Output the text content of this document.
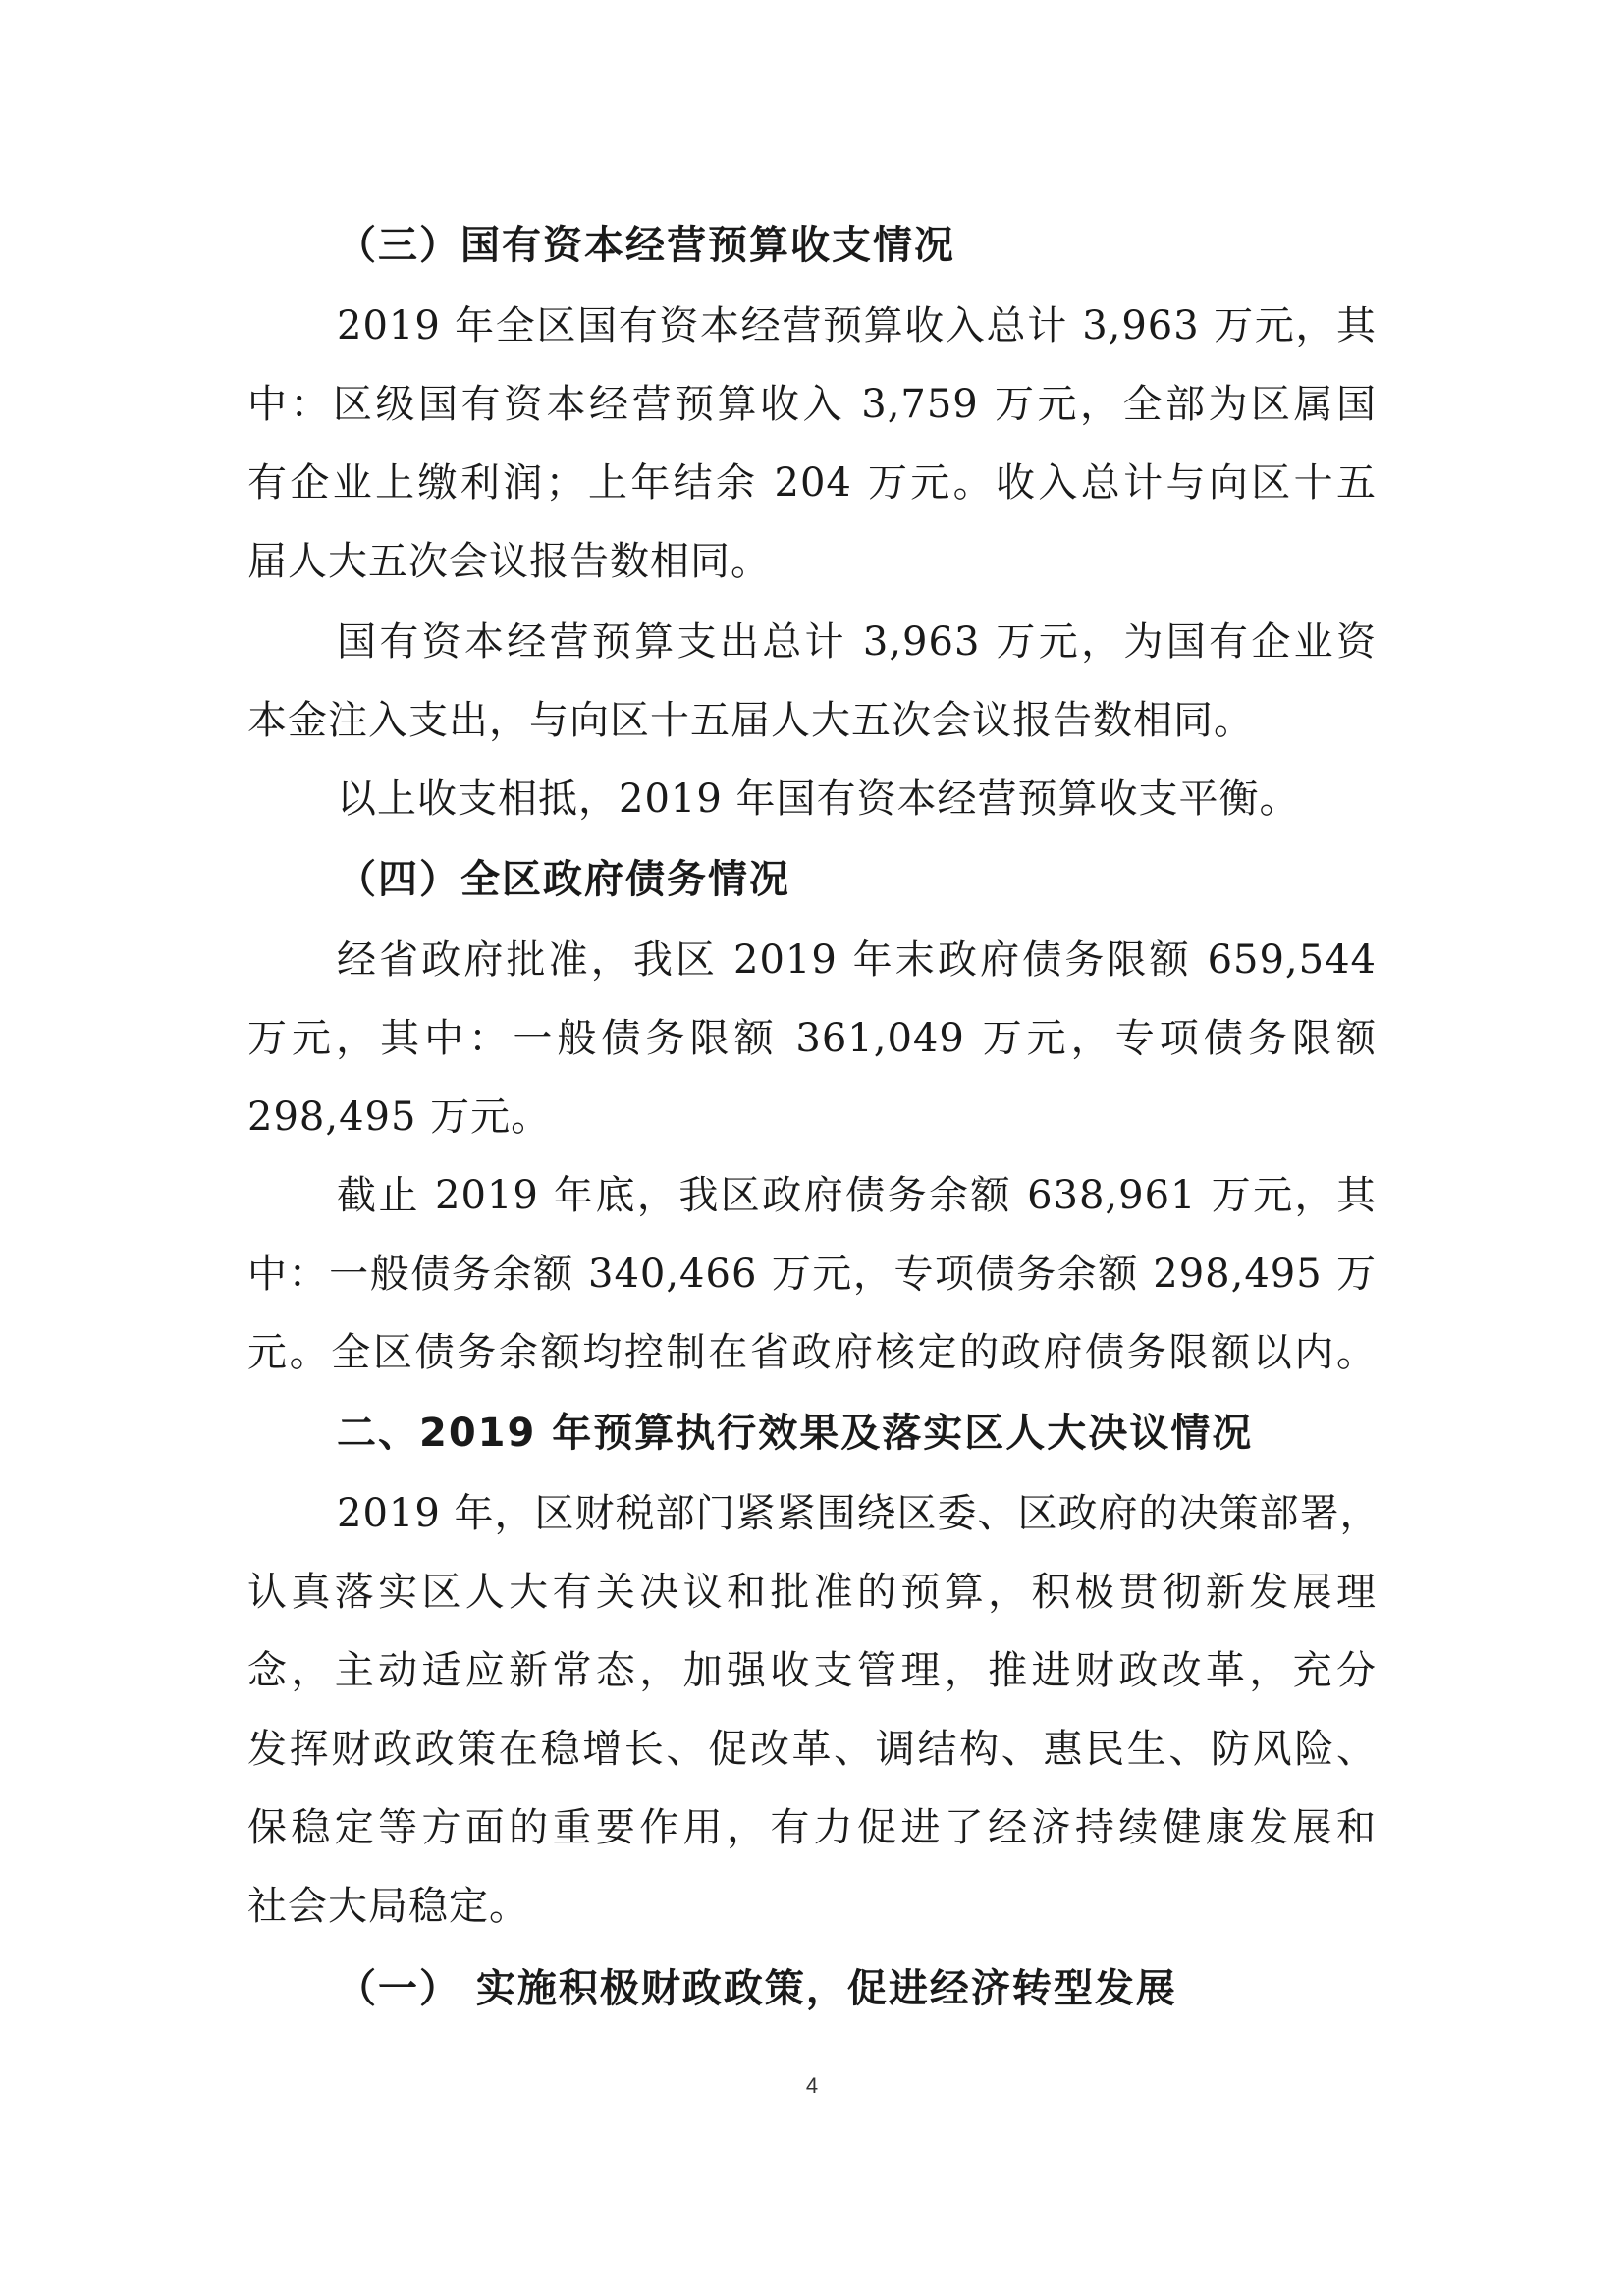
（三）国有资本经营预算收支情况
2019 年全区国有资本经营预算收入总计 3,963 万元，其
中：区级国有资本经营预算收入 3,759 万元，全部为区属国
有企业上缴利润；上年结余 204 万元。收入总计与向区十五
届人大五次会议报告数相同。
国有资本经营预算支出总计 3,963 万元，为国有企业资
本金注入支出，与向区十五届人大五次会议报告数相同。
以上收支相抵，2019 年国有资本经营预算收支平衡。
（四）全区政府债务情况
经省政府批准，我区 2019 年末政府债务限额 659,544
万元，其中：一般债务限额 361,049 万元，专项债务限额
298,495 万元。
截止 2019 年底，我区政府债务余额 638,961 万元，其
中：一般债务余额 340,466 万元，专项债务余额 298,495 万
元。全区债务余额均控制在省政府核定的政府债务限额以内。
二、2019 年预算执行效果及落实区人大决议情况
2019 年，区财税部门紧紧围绕区委、区政府的决策部署，
认真落实区人大有关决议和批准的预算，积极贯彻新发展理
念，主动适应新常态，加强收支管理，推进财政改革，充分
发挥财政政策在稳增长、促改革、调结构、惠民生、防风险、
保稳定等方面的重要作用，有力促进了经济持续健康发展和
社会大局稳定。
（一） 实施积极财政政策，促进经济转型发展
4
